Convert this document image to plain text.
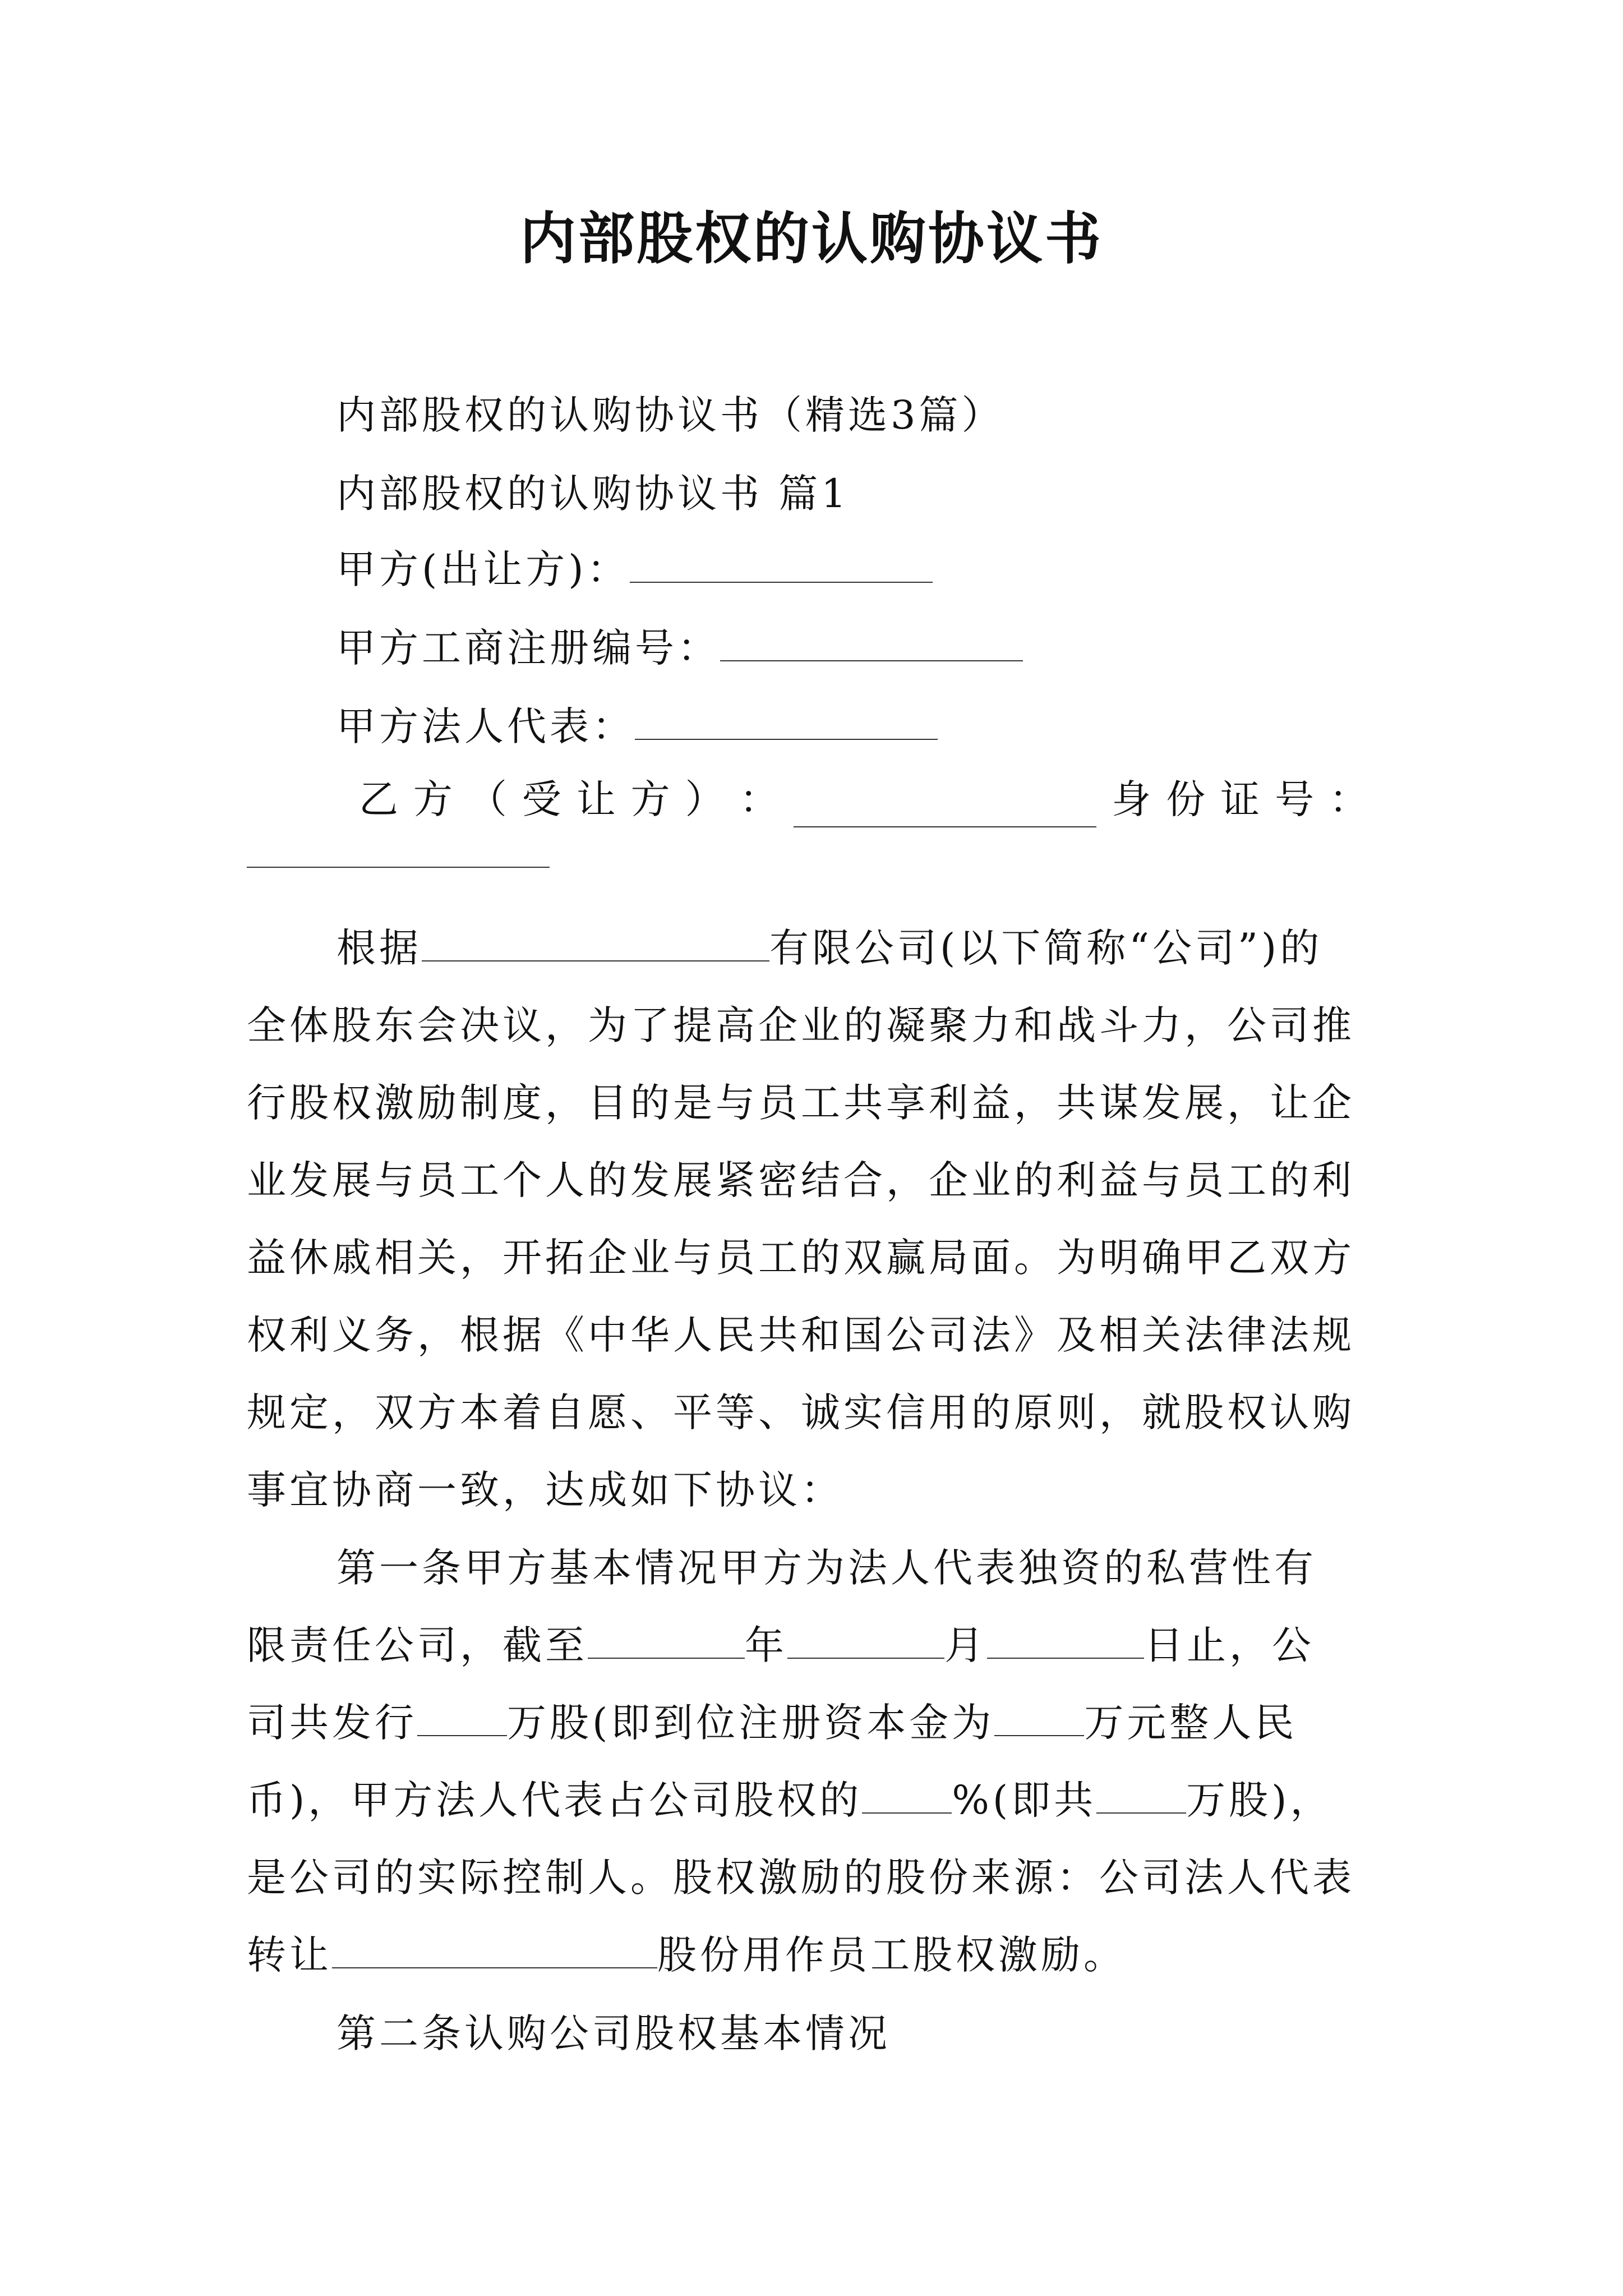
内部股权的认购协议书
内部股权的认购协议书（精选3篇）
内部股权的认购协议书 篇1
甲方(出让方)：
甲方工商注册编号：
甲方法人代表：
乙 方 （ 受 让 方 ） ：	身 份 证 号 ：
根据	有限公司(以下简称“公司”)的
全体股东会决议，为了提高企业的凝聚力和战斗力，公司推
行股权激励制度，目的是与员工共享利益，共谋发展，让企
业发展与员工个人的发展紧密结合，企业的利益与员工的利
益休戚相关，开拓企业与员工的双赢局面。为明确甲乙双方
权利义务，根据《中华人民共和国公司法》及相关法律法规
规定，双方本着自愿、平等、诚实信用的原则，就股权认购
事宜协商一致，达成如下协议：
第一条甲方基本情况甲方为法人代表独资的私营性有
限责任公司，截至	年	月	日止，公
司共发行 万股(即到位注册资本金为 万元整人民
币)，甲方法人代表占公司股权的 %(即共 万股)，
是公司的实际控制人。股权激励的股份来源：公司法人代表
转让	股份用作员工股权激励。
第二条认购公司股权基本情况
